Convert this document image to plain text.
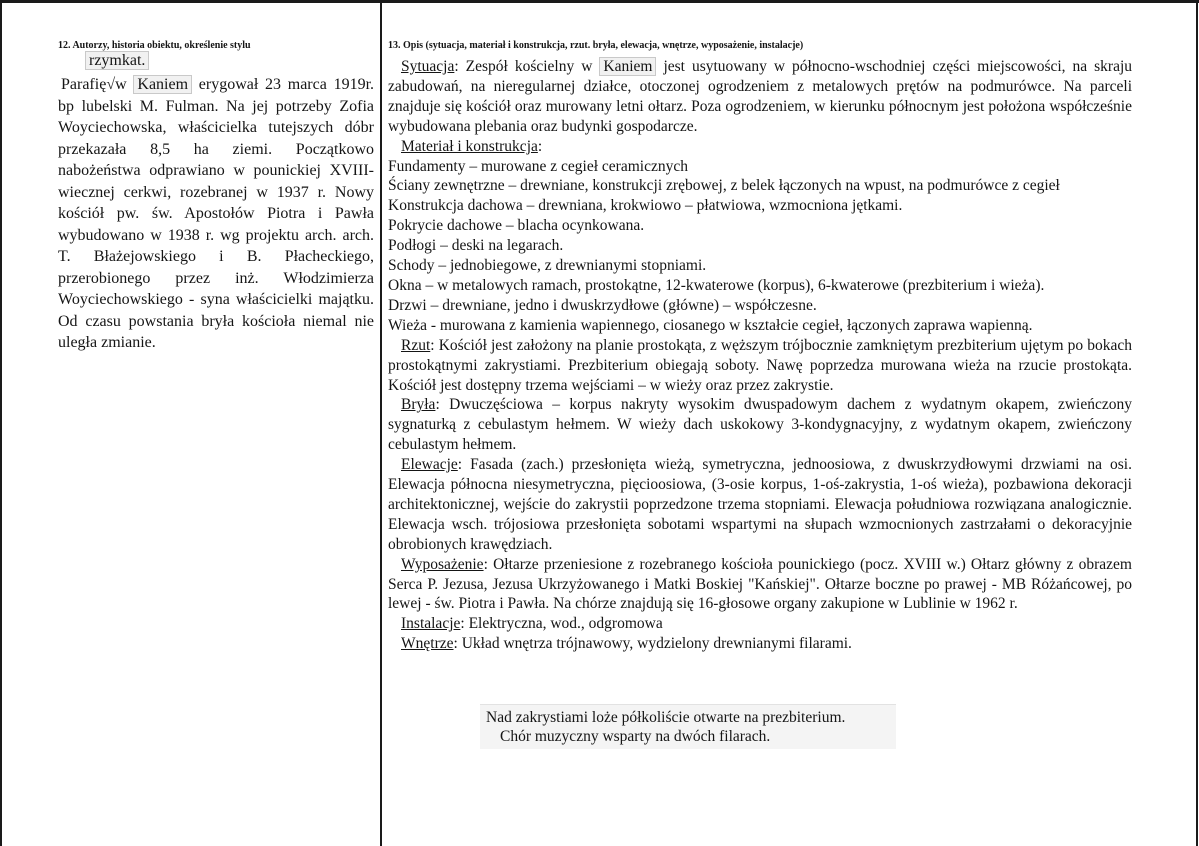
12. Autorzy, historia obiektu, określenie stylu	13. Opis (sytuacja, materiał i konstrukcja, rzut. bryła, elewacja, wnętrze, wyposażenie, instalacje)
rzymkat.
Parafię√w Kaniem erygował 23 marca 1919r. bp lubelski M. Fulman. Na jej potrzeby Zofia Woyciechowska, właścicielka tutejszych dóbr przekazała 8,5 ha ziemi. Początkowo nabożeństwa odprawiano w pounickiej XVIII-wiecznej cerkwi, rozebranej w 1937 r. Nowy kościół pw. św. Apostołów Piotra i Pawła wybudowano w 1938 r. wg projektu arch. arch. T. Błażejowskiego i B. Płacheckiego, przerobionego przez inż. Włodzimierza Woyciechowskiego - syna właścicielki majątku. Od czasu powstania bryła kościoła niemal nie uległa zmianie.
Sytuacja: Zespół kościelny w Kaniem jest usytuowany w północno-wschodniej części miejscowości, na skraju zabudowań, na nieregularnej działce, otoczonej ogrodzeniem z metalowych prętów na podmurówce. Na parceli znajduje się kościół oraz murowany letni ołtarz. Poza ogrodzeniem, w kierunku północnym jest położona współcześnie wybudowana plebania oraz budynki gospodarcze.
Materiał i konstrukcja:
Fundamenty – murowane z cegieł ceramicznych
Ściany zewnętrzne – drewniane, konstrukcji zrębowej, z belek łączonych na wpust, na podmurówce z cegieł
Konstrukcja dachowa – drewniana, krokwiowo – płatwiowa, wzmocniona jętkami.
Pokrycie dachowe – blacha ocynkowana.
Podłogi – deski na legarach.
Schody – jednobiegowe, z drewnianymi stopniami.
Okna – w metalowych ramach, prostokątne, 12-kwaterowe (korpus), 6-kwaterowe (prezbiterium i wieża).
Drzwi – drewniane, jedno i dwuskrzydłowe (główne) – współczesne.
Wieża - murowana z kamienia wapiennego, ciosanego w kształcie cegieł, łączonych zaprawa wapienną.
Rzut: Kościół jest założony na planie prostokąta, z węższym trójbocznie zamkniętym prezbiterium ujętym po bokach prostokątnymi zakrystiami. Prezbiterium obiegają soboty. Nawę poprzedza murowana wieża na rzucie prostokąta. Kościół jest dostępny trzema wejściami – w wieży oraz przez zakrystie.
Bryła: Dwuczęściowa – korpus nakryty wysokim dwuspadowym dachem z wydatnym okapem, zwieńczony sygnaturką z cebulastym hełmem. W wieży dach uskokowy 3-kondygnacyjny, z wydatnym okapem, zwieńczony cebulastym hełmem.
Elewacje: Fasada (zach.) przesłonięta wieżą, symetryczna, jednoosiowa, z dwuskrzydłowymi drzwiami na osi. Elewacja północna niesymetryczna, pięcioosiowa, (3-osie korpus, 1-oś-zakrystia, 1-oś wieża), pozbawiona dekoracji architektonicznej, wejście do zakrystii poprzedzone trzema stopniami. Elewacja południowa rozwiązana analogicznie. Elewacja wsch. trójosiowa przesłonięta sobotami wspartymi na słupach wzmocnionych zastrzałami o dekoracyjnie obrobionych krawędziach.
Wyposażenie: Ołtarze przeniesione z rozebranego kościoła pounickiego (pocz. XVIII w.) Ołtarz główny z obrazem Serca P. Jezusa, Jezusa Ukrzyżowanego i Matki Boskiej "Kańskiej". Ołtarze boczne po prawej - MB Różańcowej, po lewej - św. Piotra i Pawła. Na chórze znajdują się 16-głosowe organy zakupione w Lublinie w 1962 r.
Instalacje: Elektryczna, wod., odgromowa
Wnętrze: Układ wnętrza trójnawowy, wydzielony drewnianymi filarami.
Nad zakrystiami loże półkoliście otwarte na prezbiterium.
Chór muzyczny wsparty na dwóch filarach.
